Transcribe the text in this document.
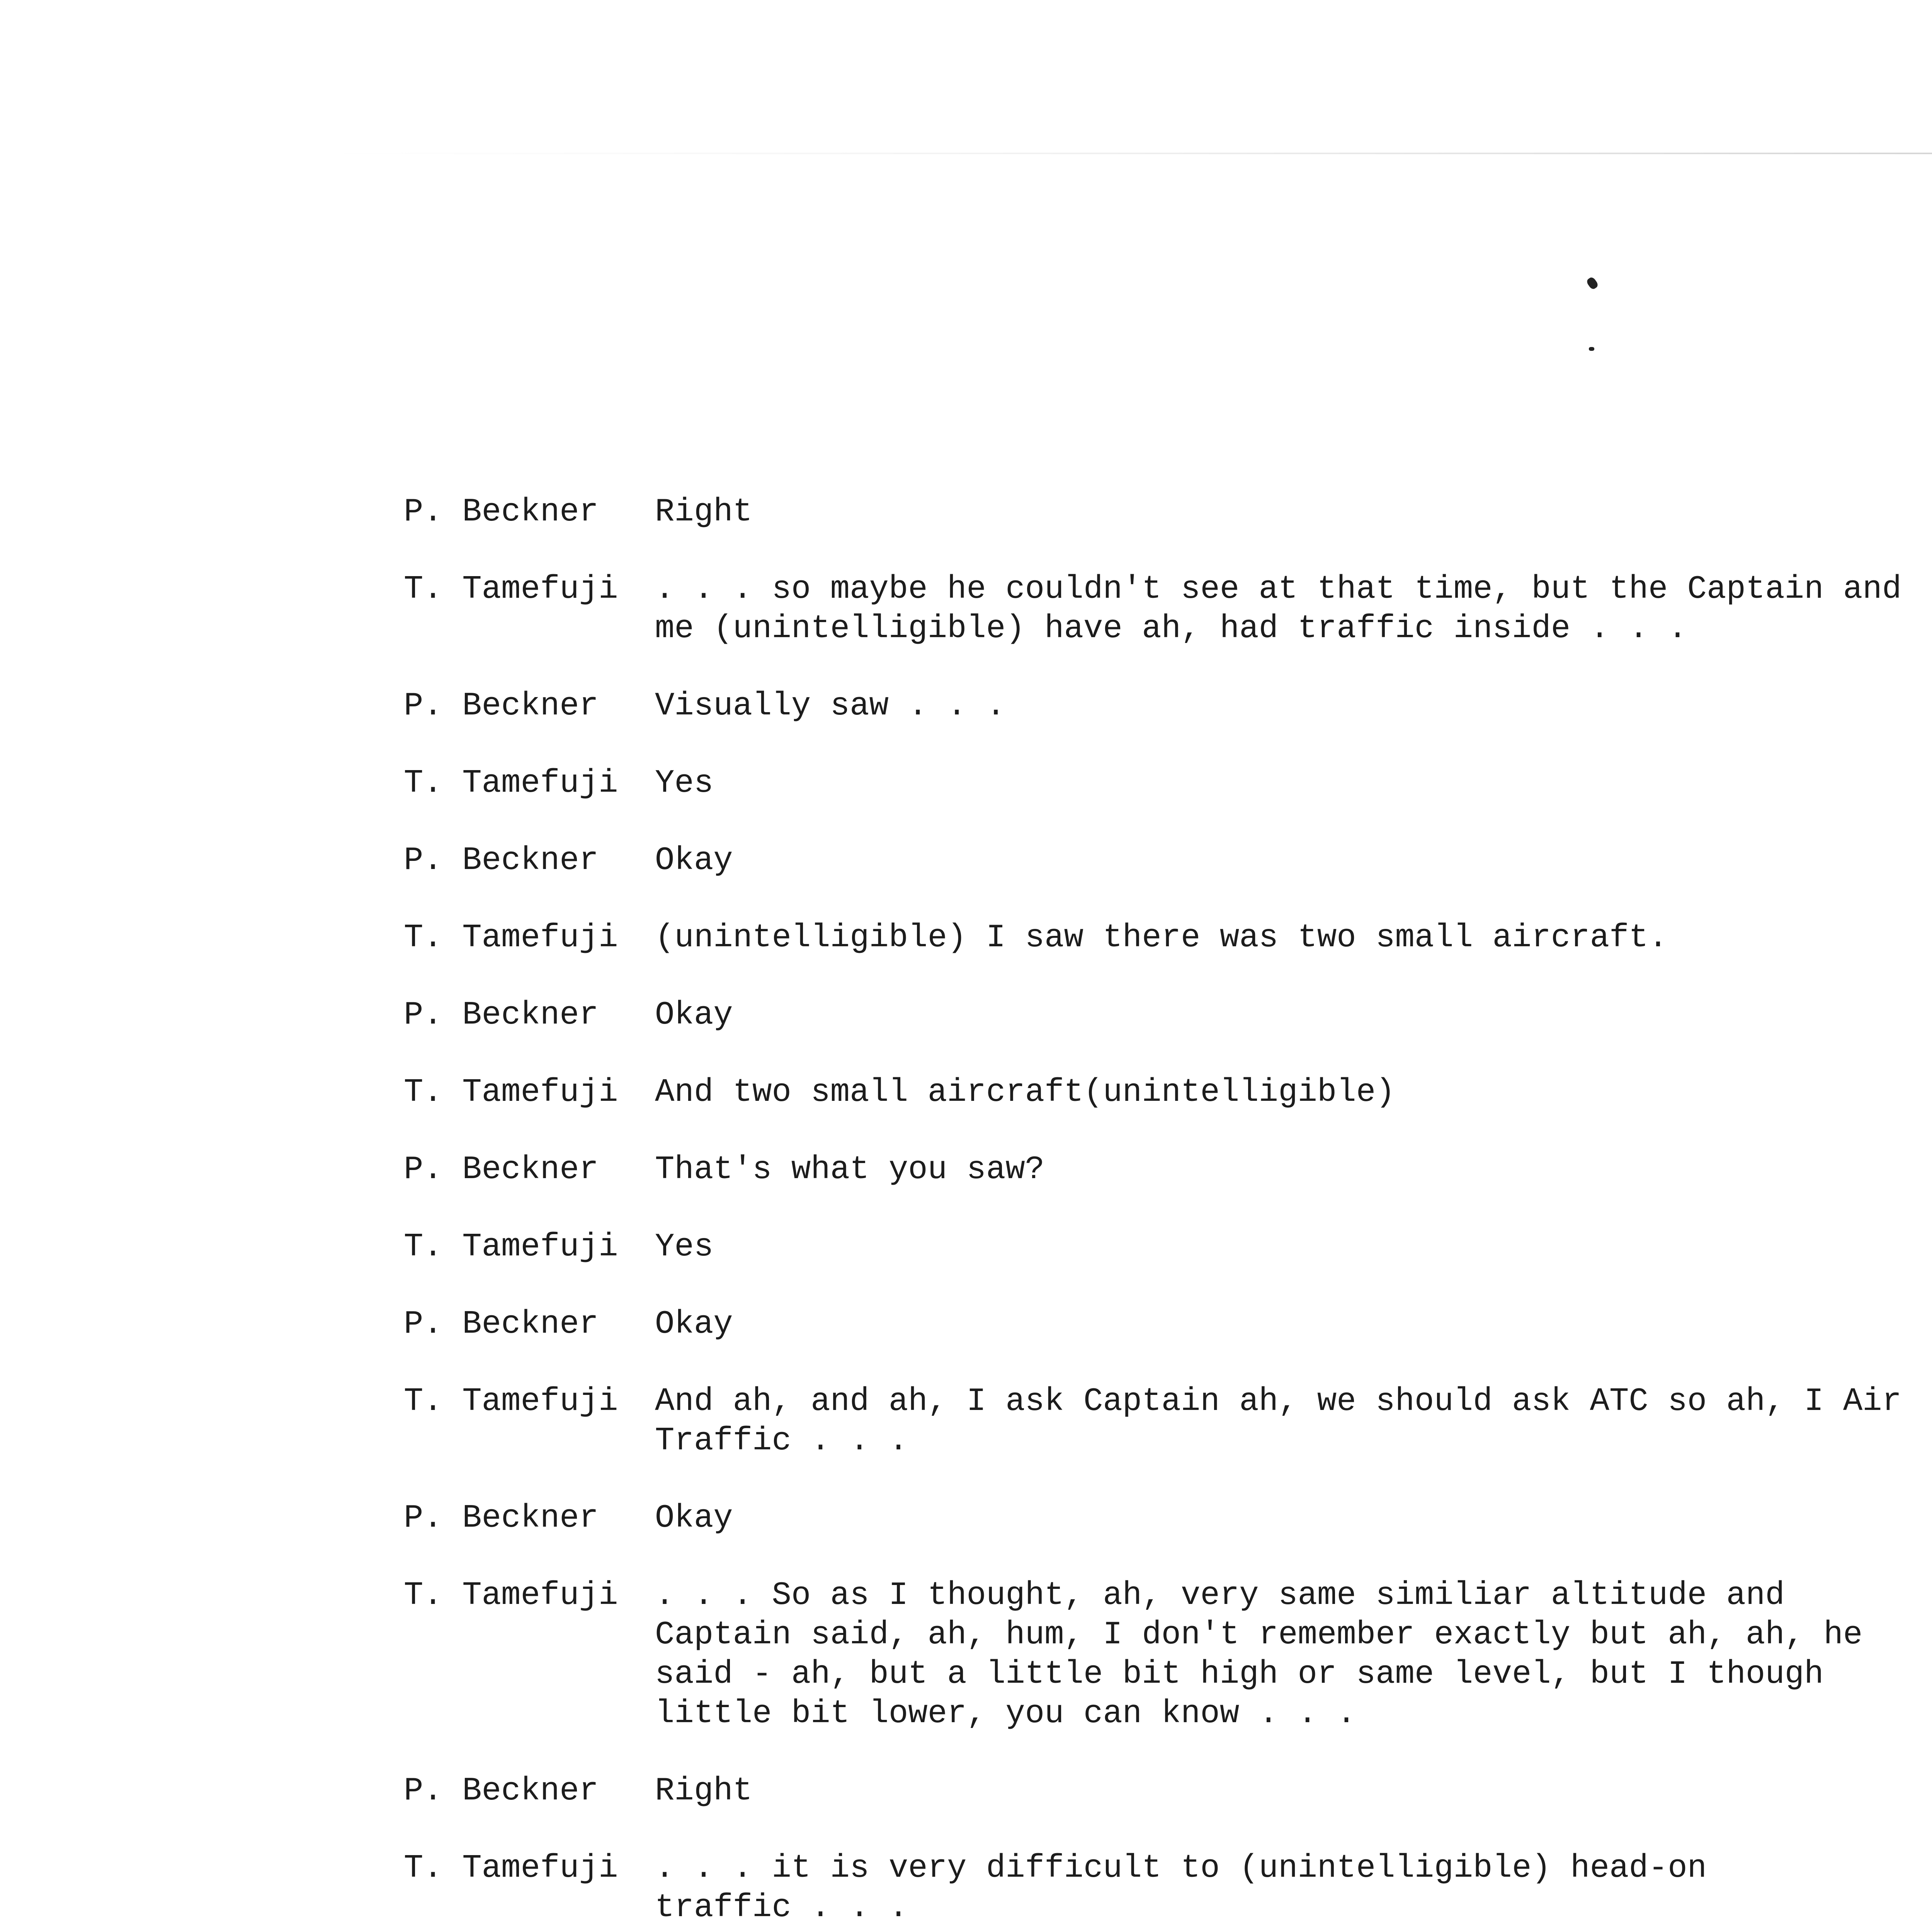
P. Beckner	Right
T. Tamefuji	. . . so maybe he couldn't see at that time, but the Captain and
me (unintelligible) have ah, had traffic inside . . .
P. Beckner	Visually saw . . .
T. Tamefuji	Yes
P. Beckner	Okay
T. Tamefuji	(unintelligible) I saw there was two small aircraft.
P. Beckner	Okay
T. Tamefuji	And two small aircraft(unintelligible)
P. Beckner	That's what you saw?
T. Tamefuji	Yes
P. Beckner	Okay
T. Tamefuji	And ah, and ah, I ask Captain ah, we should ask ATC so ah, I Air
Traffic . . .
P. Beckner	Okay
T. Tamefuji	. . . So as I thought, ah, very same similiar altitude and
Captain said, ah, hum, I don't remember exactly but ah, ah, he
said - ah, but a little bit high or same level, but I though
little bit lower, you can know . . .
P. Beckner	Right
T. Tamefuji	. . . it is very difficult to (unintelligible) head-on
traffic . . .
